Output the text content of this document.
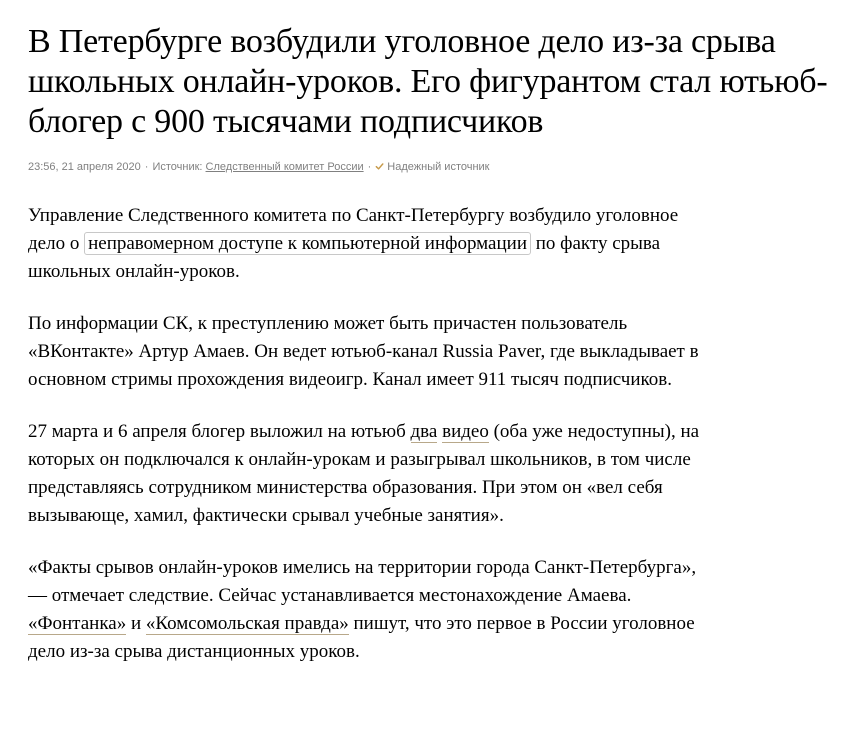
В Петербурге возбудили уголовное дело из-за срыва школьных онлайн-уроков. Его фигурантом стал ютьюб-блогер с 900 тысячами подписчиков
23:56, 21 апреля 2020 · Источник: Следственный комитет России · Надежный источник

Управление Следственного комитета по Санкт-Петербургу возбудило уголовное дело о неправомерном доступе к компьютерной информации по факту срыва школьных онлайн-уроков.

По информации СК, к преступлению может быть причастен пользователь «ВКонтакте» Артур Амаев. Он ведет ютьюб-канал Russia Paver, где выкладывает в основном стримы прохождения видеоигр. Канал имеет 911 тысяч подписчиков.

27 марта и 6 апреля блогер выложил на ютьюб два видео (оба уже недоступны), на которых он подключался к онлайн-урокам и разыгрывал школьников, в том числе представляясь сотрудником министерства образования. При этом он «вел себя вызывающе, хамил, фактически срывал учебные занятия».

«Факты срывов онлайн-уроков имелись на территории города Санкт-Петербурга», — отмечает следствие. Сейчас устанавливается местонахождение Амаева. «Фонтанка» и «Комсомольская правда» пишут, что это первое в России уголовное дело из-за срыва дистанционных уроков.
